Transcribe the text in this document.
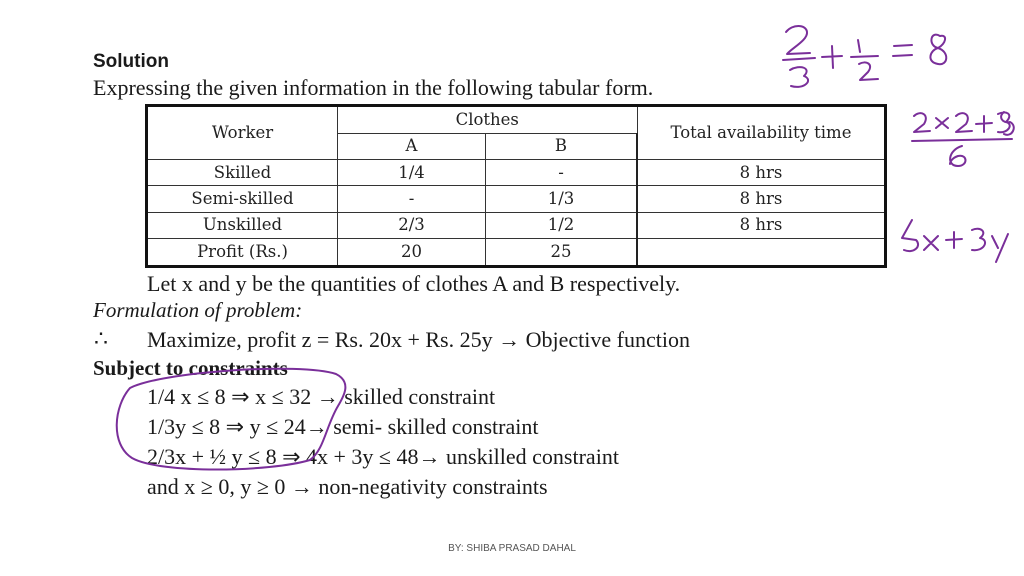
Solution
Expressing the given information in the following tabular form.
Worker	Clothes		Total availability time
	A	B	
Skilled	1/4	-	8 hrs
Semi-skilled	-	1/3	8 hrs
Unskilled	2/3	1/2	8 hrs
Profit (Rs.)	20	25	
Let x and y be the quantities of clothes A and B respectively.
Formulation of problem:
∴ Maximize, profit z = Rs. 20x + Rs. 25y → Objective function
Subject to constraints
1/4 x ≤ 8 ⇒ x ≤ 32 → skilled constraint
1/3y ≤ 8 ⇒ y ≤ 24→ semi- skilled constraint
2/3x + ½ y ≤ 8 ⇒ 4x + 3y ≤ 48→ unskilled constraint
and x ≥ 0, y ≥ 0 → non-negativity constraints
BY: SHIBA PRASAD DAHAL
